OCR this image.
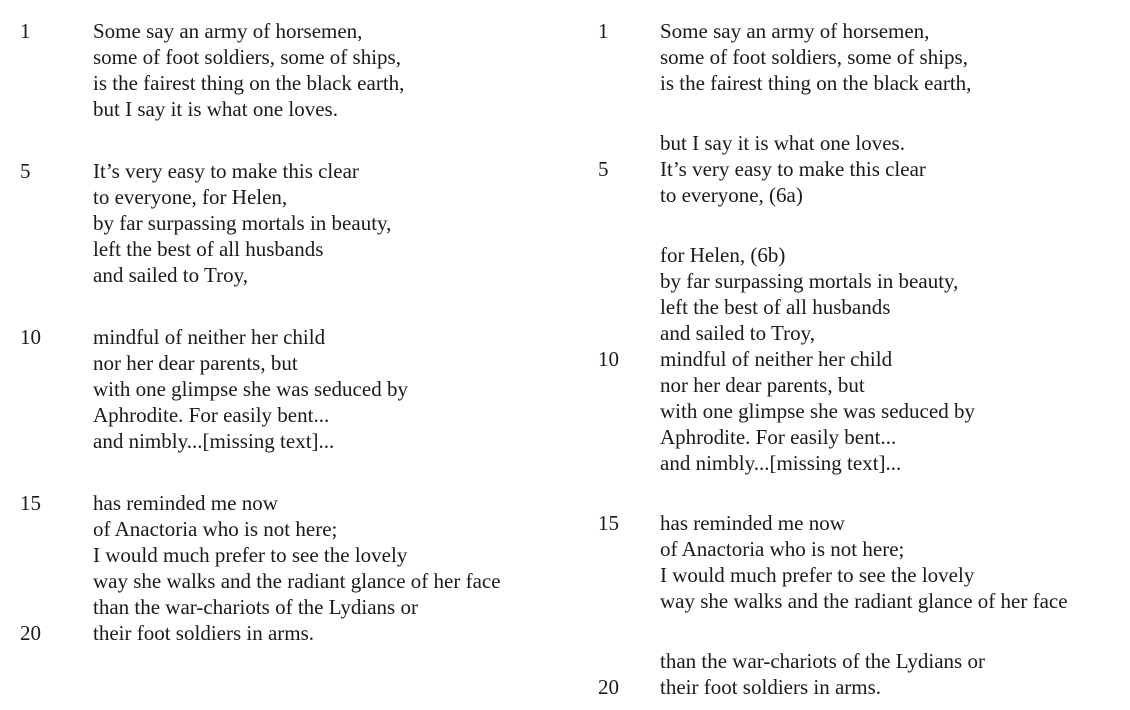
1	Some say an army of horsemen,
some of foot soldiers, some of ships,
is the fairest thing on the black earth,
but I say it is what one loves.
5	It’s very easy to make this clear
to everyone, for Helen,
by far surpassing mortals in beauty,
left the best of all husbands
and sailed to Troy,
10	mindful of neither her child
nor her dear parents, but
with one glimpse she was seduced by
Aphrodite. For easily bent...
and nimbly...[missing text]...
15	has reminded me now
of Anactoria who is not here;
I would much prefer to see the lovely
way she walks and the radiant glance of her face
than the war-chariots of the Lydians or
20	their foot soldiers in arms.
1	Some say an army of horsemen,
some of foot soldiers, some of ships,
is the fairest thing on the black earth,
but I say it is what one loves.
5	It’s very easy to make this clear
to everyone, (6a)
for Helen, (6b)
by far surpassing mortals in beauty,
left the best of all husbands
and sailed to Troy,
10	mindful of neither her child
nor her dear parents, but
with one glimpse she was seduced by
Aphrodite. For easily bent...
and nimbly...[missing text]...
15	has reminded me now
of Anactoria who is not here;
I would much prefer to see the lovely
way she walks and the radiant glance of her face
than the war-chariots of the Lydians or
20	their foot soldiers in arms.
